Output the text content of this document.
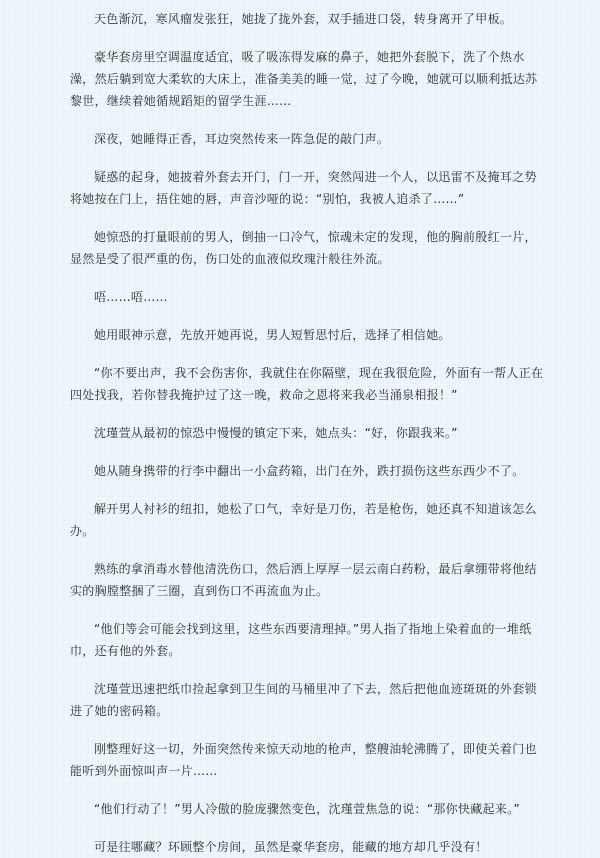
天色渐沉，寒风瘤发张狂，她拢了拢外套，双手插进口袋，转身离开了甲板。

豪华套房里空调温度适宜，吸了吸冻得发麻的鼻子，她把外套脱下，洗了个热水澡，然后躺到宽大柔软的大床上，准备美美的睡一觉，过了今晚，她就可以顺利抵达苏黎世，继续着她循规蹈矩的留学生涯……

深夜，她睡得正香，耳边突然传来一阵急促的敲门声。

疑惑的起身，她披着外套去开门，门一开，突然闯进一个人，以迅雷不及掩耳之势将她按在门上，捂住她的唇，声音沙哑的说：“别怕，我被人追杀了……”

她惊恐的打量眼前的男人，倒抽一口冷气，惊魂未定的发现，他的胸前殷红一片，显然是受了很严重的伤，伤口处的血液似玫瑰汁般往外流。

唔……唔……

她用眼神示意，先放开她再说，男人短暂思忖后，选择了相信她。

“你不要出声，我不会伤害你，我就住在你隔壁，现在我很危险，外面有一帮人正在四处找我，若你替我掩护过了这一晚，救命之恩将来我必当涌泉相报！”

沈瑾萱从最初的惊恐中慢慢的镇定下来，她点头：“好，你跟我来。”

她从随身携带的行李中翻出一小盒药箱，出门在外，跌打损伤这些东西少不了。

解开男人衬衫的纽扣，她松了口气，幸好是刀伤，若是枪伤，她还真不知道该怎么办。

熟练的拿消毒水替他清洗伤口，然后洒上厚厚一层云南白药粉，最后拿绷带将他结实的胸膛整捆了三圈，直到伤口不再流血为止。

“他们等会可能会找到这里，这些东西要清理掉。”男人指了指地上染着血的一堆纸巾，还有他的外套。

沈瑾萱迅速把纸巾捡起拿到卫生间的马桶里冲了下去，然后把他血迹斑斑的外套锁进了她的密码箱。

刚整理好这一切，外面突然传来惊天动地的枪声，整艘油轮沸腾了，即使关着门也能听到外面惊叫声一片……

“他们行动了！”男人冷傲的脸庞骤然变色，沈瑾萱焦急的说：“那你快藏起来。”

可是往哪藏？环顾整个房间，虽然是豪华套房，能藏的地方却几乎没有！
